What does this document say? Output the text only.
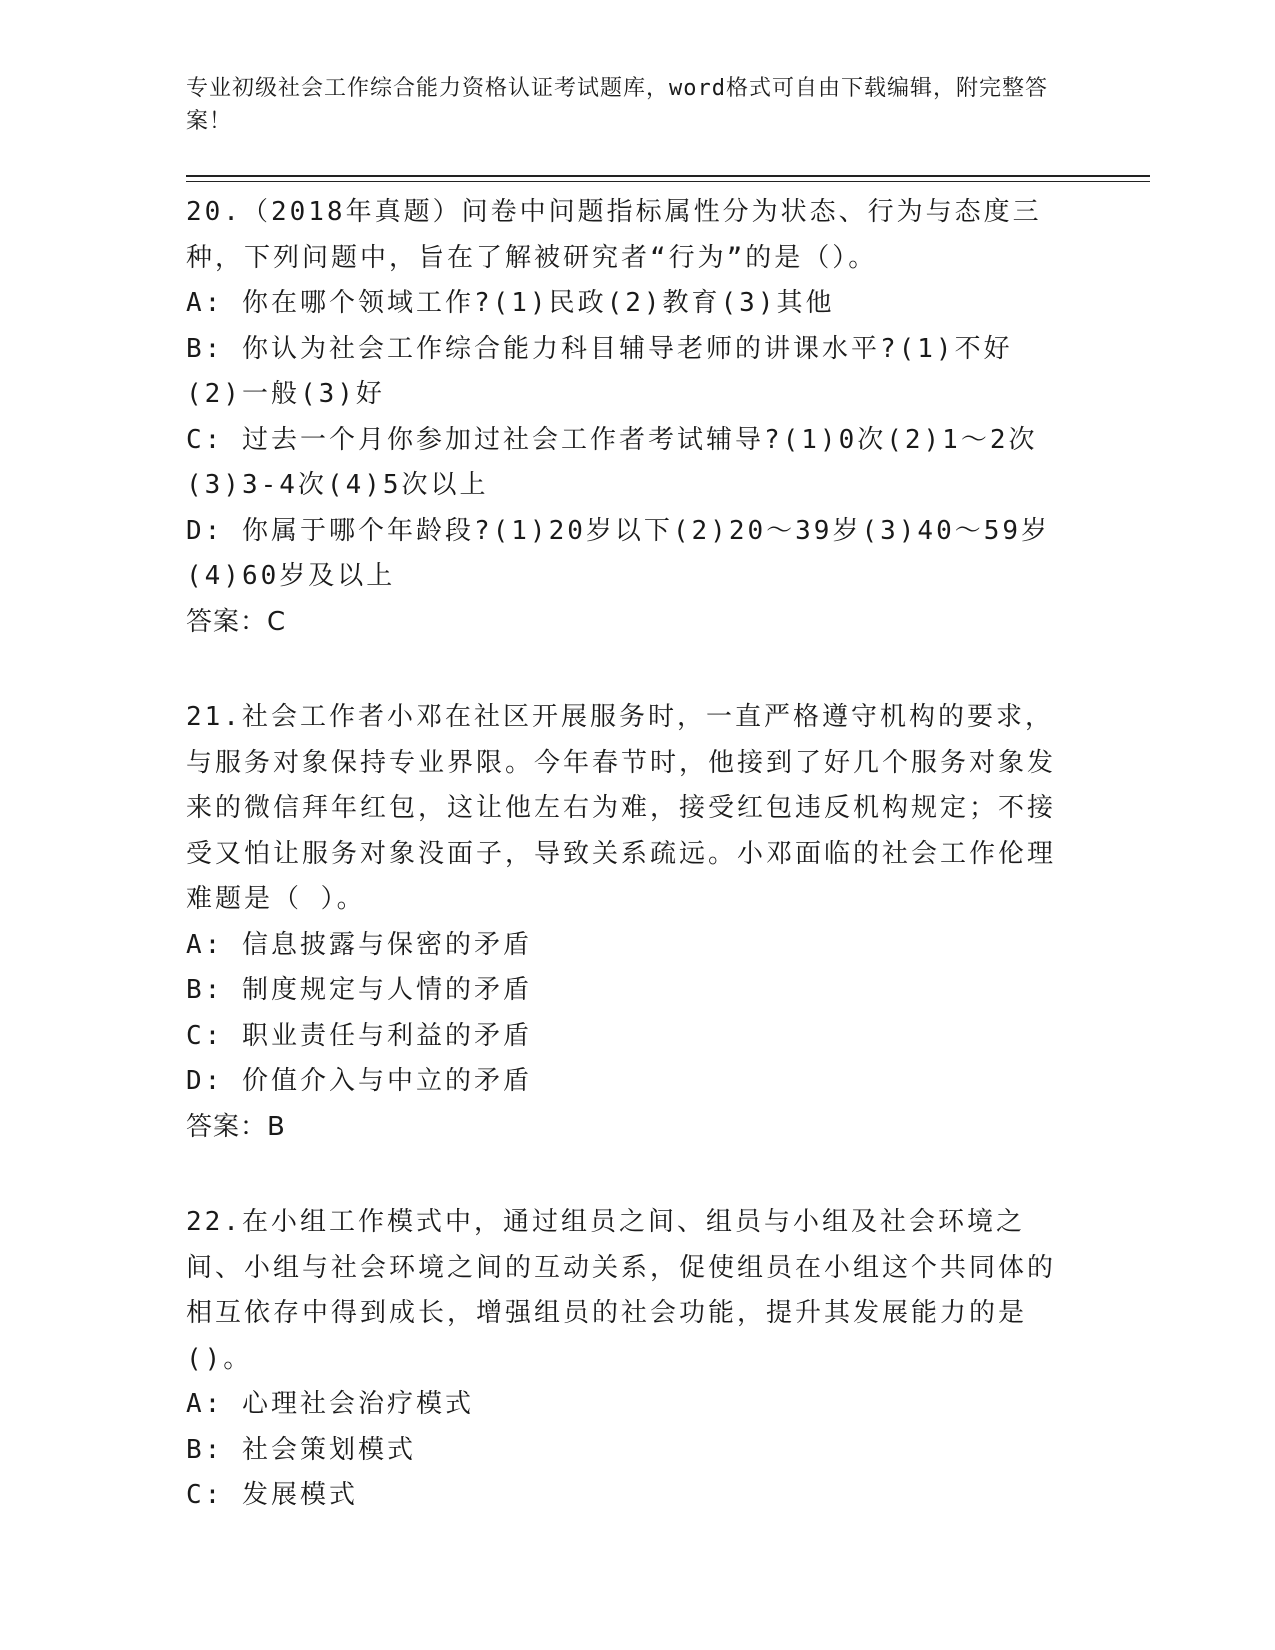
专业初级社会工作综合能力资格认证考试题库，word格式可自由下载编辑，附完整答案！
20.（2018年真题）问卷中问题指标属性分为状态、行为与态度三种，下列问题中，旨在了解被研究者“行为”的是（）。
A: 你在哪个领域工作?(1)民政(2)教育(3)其他
B: 你认为社会工作综合能力科目辅导老师的讲课水平?(1)不好(2)一般(3)好
C: 过去一个月你参加过社会工作者考试辅导?(1)0次(2)1～2次(3)3-4次(4)5次以上
D: 你属于哪个年龄段?(1)20岁以下(2)20～39岁(3)40～59岁(4)60岁及以上
答案：C
21.社会工作者小邓在社区开展服务时，一直严格遵守机构的要求，与服务对象保持专业界限。今年春节时，他接到了好几个服务对象发来的微信拜年红包，这让他左右为难，接受红包违反机构规定；不接受又怕让服务对象没面子，导致关系疏远。小邓面临的社会工作伦理难题是（ ）。
A: 信息披露与保密的矛盾
B: 制度规定与人情的矛盾
C: 职业责任与利益的矛盾
D: 价值介入与中立的矛盾
答案：B
22.在小组工作模式中，通过组员之间、组员与小组及社会环境之间、小组与社会环境之间的互动关系，促使组员在小组这个共同体的相互依存中得到成长，增强组员的社会功能，提升其发展能力的是()。
A: 心理社会治疗模式
B: 社会策划模式
C: 发展模式
